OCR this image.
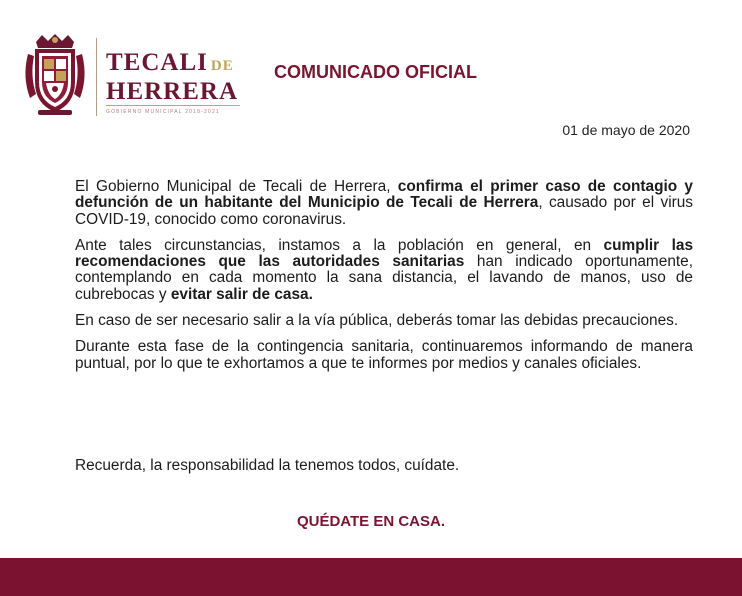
TECALI DE
HERRERA
GOBIERNO MUNICIPAL 2018-2021
COMUNICADO OFICIAL
01 de mayo de 2020

El Gobierno Municipal de Tecali de Herrera, confirma el primer caso de contagio y defunción de un habitante del Municipio de Tecali de Herrera, causado por el virus COVID-19, conocido como coronavirus.

Ante tales circunstancias, instamos a la población en general, en cumplir las recomendaciones que las autoridades sanitarias han indicado oportunamente, contemplando en cada momento la sana distancia, el lavando de manos, uso de cubrebocas y evitar salir de casa.

En caso de ser necesario salir a la vía pública, deberás tomar las debidas precauciones.

Durante esta fase de la contingencia sanitaria, continuaremos informando de manera puntual, por lo que te exhortamos a que te informes por medios y canales oficiales.

Recuerda, la responsabilidad la tenemos todos, cuídate.
QUÉDATE EN CASA.
